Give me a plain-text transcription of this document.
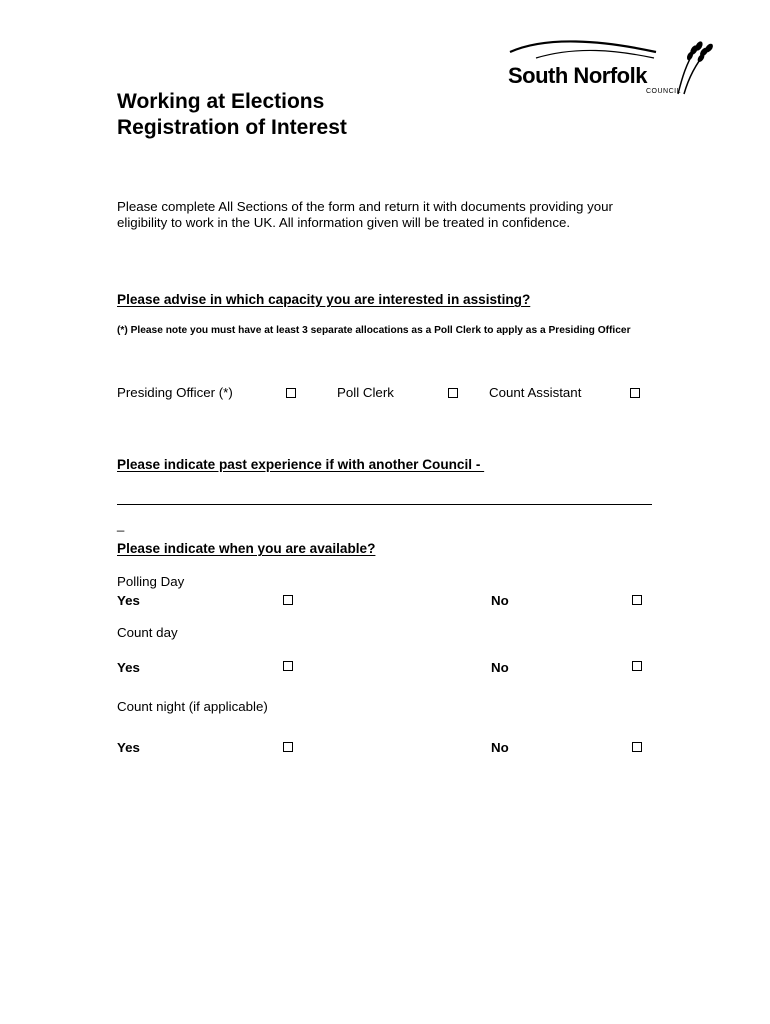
South Norfolk
COUNCIL
Working at Elections
Registration of Interest
Please complete All Sections of the form and return it with documents providing your eligibility to work in the UK. All information given will be treated in confidence.
Please advise in which capacity you are interested in assisting?
(*) Please note you must have at least 3 separate allocations as a Poll Clerk to apply as a Presiding Officer
Presiding Officer (*)	Poll Clerk	Count Assistant
Please indicate past experience if with another Council -
_
Please indicate when you are available?
Polling Day
Yes	No
Count day
Yes	No
Count night (if applicable)
Yes	No
